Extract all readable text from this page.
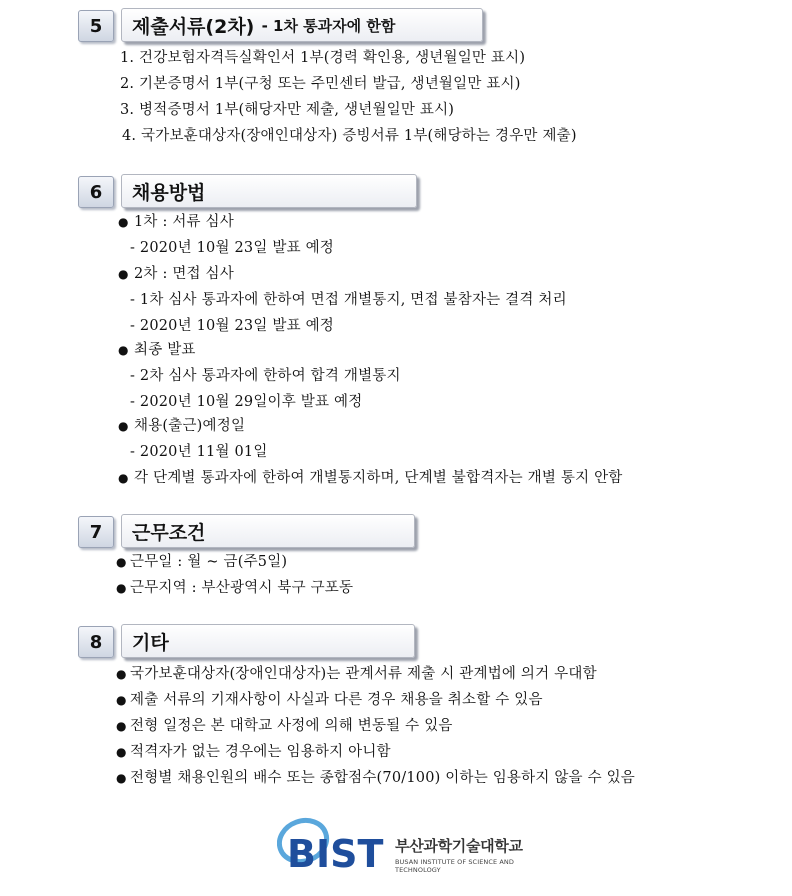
5	제출서류(2차) - 1차 통과자에 한함
1. 건강보험자격득실확인서 1부(경력 확인용, 생년월일만 표시)
2. 기본증명서 1부(구청 또는 주민센터 발급, 생년월일만 표시)
3. 병적증명서 1부(해당자만 제출, 생년월일만 표시)
4. 국가보훈대상자(장애인대상자) 증빙서류 1부(해당하는 경우만 제출)
6	채용방법
● 1차 : 서류 심사
- 2020년 10월 23일 발표 예정
● 2차 : 면접 심사
- 1차 심사 통과자에 한하여 면접 개별통지, 면접 불참자는 결격 처리
- 2020년 10월 23일 발표 예정
● 최종 발표
- 2차 심사 통과자에 한하여 합격 개별통지
- 2020년 10월 29일이후 발표 예정
● 채용(출근)예정일
- 2020년 11월 01일
● 각 단계별 통과자에 한하여 개별통지하며, 단계별 불합격자는 개별 통지 안함
7	근무조건
● 근무일 : 월 ~ 금(주5일)
● 근무지역 : 부산광역시 북구 구포동
8	기타
● 국가보훈대상자(장애인대상자)는 관계서류 제출 시 관계법에 의거 우대함
● 제출 서류의 기재사항이 사실과 다른 경우 채용을 취소할 수 있음
● 전형 일정은 본 대학교 사정에 의해 변동될 수 있음
● 적격자가 없는 경우에는 임용하지 아니함
● 전형별 채용인원의 배수 또는 종합점수(70/100) 이하는 임용하지 않을 수 있음
BIST 부산과학기술대학교
BUSAN INSTITUTE OF SCIENCE AND TECHNOLOGY
